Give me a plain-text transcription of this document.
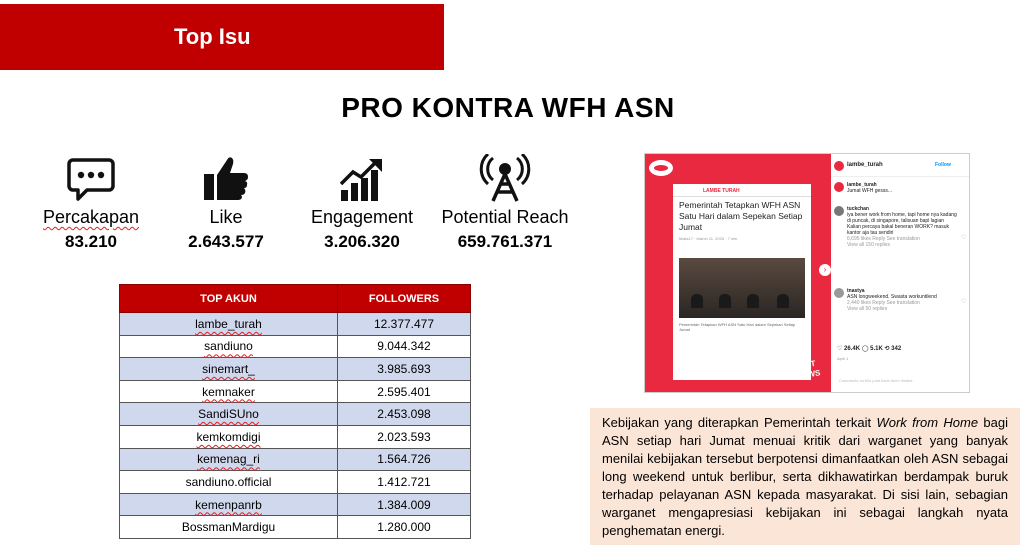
Top Isu
PRO KONTRA WFH ASN
Percakapan
83.210
Like
2.643.577
Engagement
3.206.320
Potential Reach
659.761.371
TOP AKUN	FOLLOWERS
lambe_turah	12.377.477
sandiuno	9.044.342
sinemart_	3.985.693
kemnaker	2.595.401
SandiSUno	2.453.098
kemkomdigi	2.023.593
kemenag_ri	1.564.726
sandiuno.official	1.412.721
kemenpanrb	1.384.009
BossmanMardigu	1.280.000
LAMBE TURAH
Pemerintah Tetapkan WFH ASN Satu Hari dalam Sepekan Setiap Jumat
Maks17 · March 11, 2025 · 7 min
Pemerintah Tetapkan WFH ASN Satu Hari dalam Sepekan Setiap Jumat
›
HOT NEWS
lambe_turah	Follow
lambe_turah
Jumat WFH gesss...
tuckchan
iya bener work from home, tapi home nya kadang di puncak, di singapore, talisuan bapi lagian Kalian percaya bakal beneran WORK? masuk kantor aja tau sendiri
6,695 likes Reply See translation
View all 150 replies
♡
tnastya
ASN longweekend. Swasta workuntilend
2,440 likes Reply See translation
View all 50 replies
♡
♡ 26.4K ◯ 5.1K ⟲ 342
April 1
Comments on this post have been limited.

Kebijakan yang diterapkan Pemerintah terkait Work from Home bagi ASN setiap hari Jumat menuai kritik dari warganet yang banyak menilai kebijakan tersebut berpotensi dimanfaatkan oleh ASN sebagai long weekend untuk berlibur, serta dikhawatirkan berdampak buruk terhadap pelayanan ASN kepada masyarakat. Di sisi lain, sebagian warganet mengapresiasi kebijakan ini sebagai langkah nyata penghematan energi.
